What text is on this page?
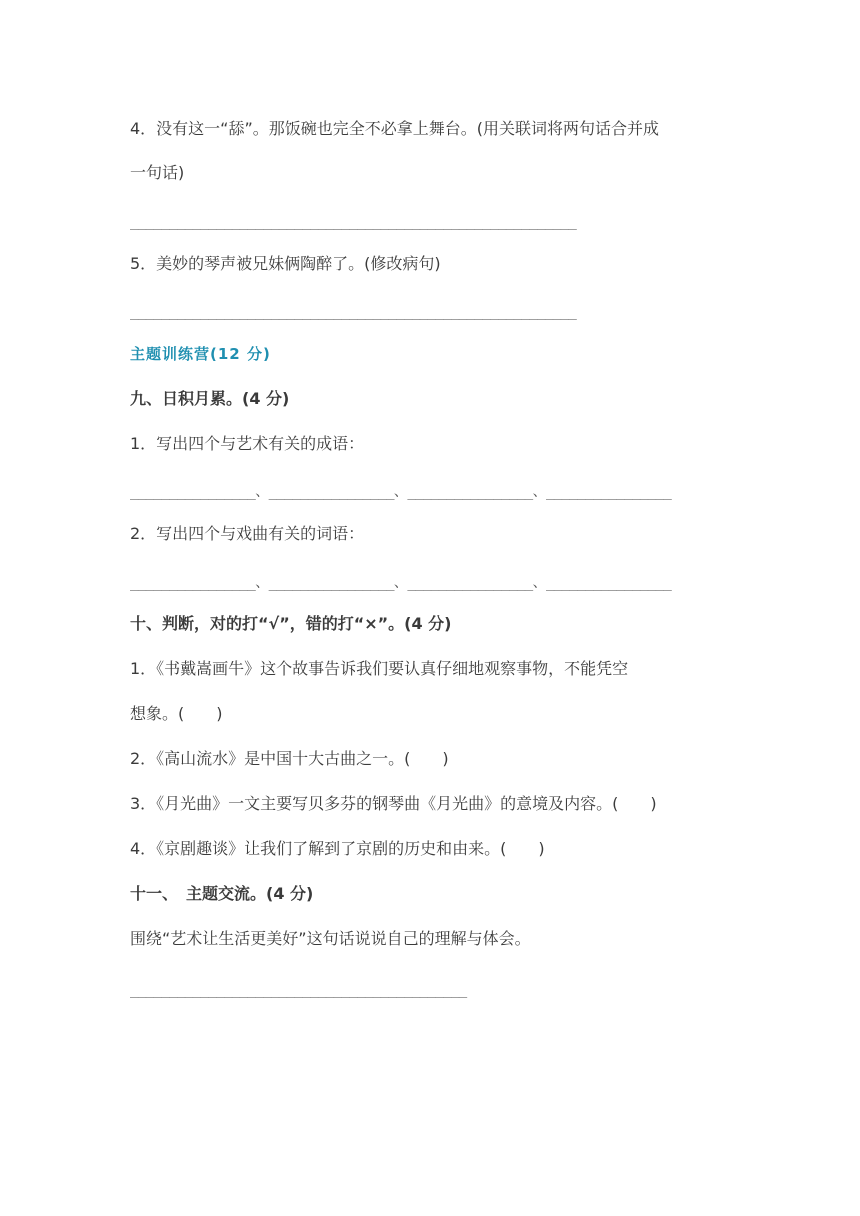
4．没有这一“舔”。那饭碗也完全不必拿上舞台。(用关联词将两句话合并成
一句话)
_________________________________________________________
5．美妙的琴声被兄妹俩陶醉了。(修改病句)
_________________________________________________________
主题训练营(12 分)
九、日积月累。(4 分)
1．写出四个与艺术有关的成语：
________________、________________、________________、________________
2．写出四个与戏曲有关的词语：
________________、________________、________________、________________
十、判断，对的打“√”，错的打“×”。(4 分)
1．《书戴嵩画牛》这个故事告诉我们要认真仔细地观察事物，不能凭空
想象。(　　)
2．《高山流水》是中国十大古曲之一。(　　)
3．《月光曲》一文主要写贝多芬的钢琴曲《月光曲》的意境及内容。(　　)
4．《京剧趣谈》让我们了解到了京剧的历史和由来。(　　)
十一、　主题交流。(4 分)
围绕“艺术让生活更美好”这句话说说自己的理解与体会。
___________________________________________
